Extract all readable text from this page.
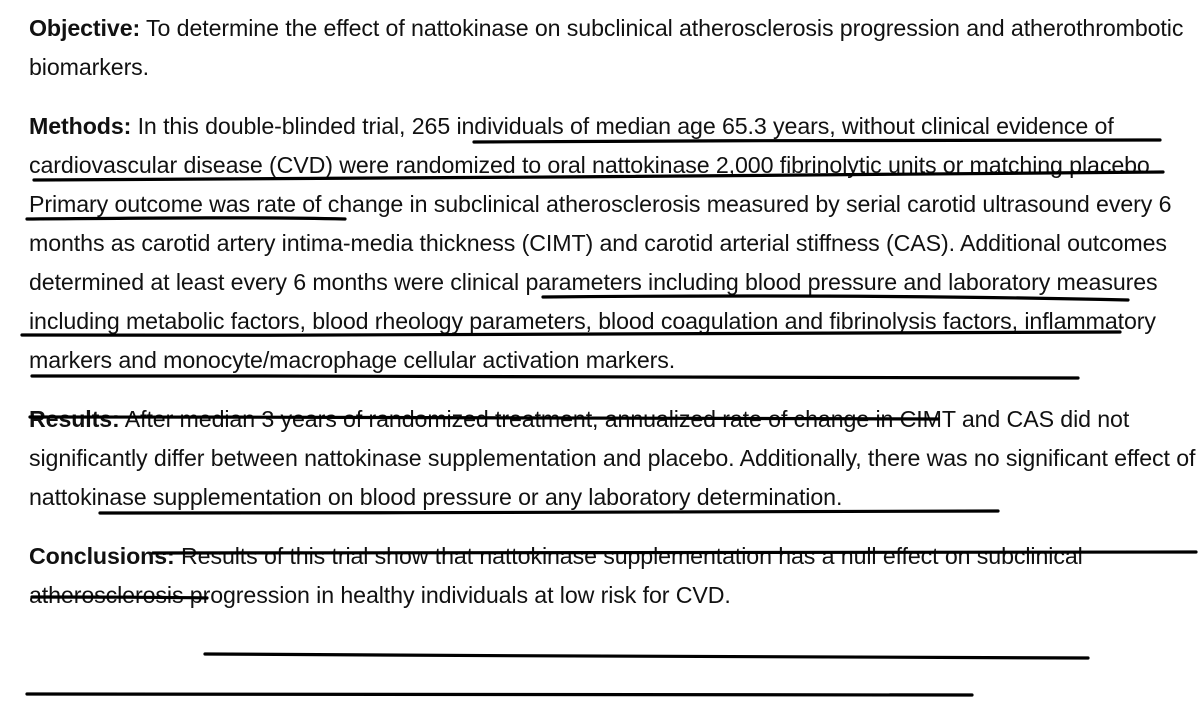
Objective: To determine the effect of nattokinase on subclinical atherosclerosis progression and atherothrombotic biomarkers.

Methods: In this double-blinded trial, 265 individuals of median age 65.3 years, without clinical evidence of cardiovascular disease (CVD) were randomized to oral nattokinase 2,000 fibrinolytic units or matching placebo. Primary outcome was rate of change in subclinical atherosclerosis measured by serial carotid ultrasound every 6 months as carotid artery intima-media thickness (CIMT) and carotid arterial stiffness (CAS). Additional outcomes determined at least every 6 months were clinical parameters including blood pressure and laboratory measures including metabolic factors, blood rheology parameters, blood coagulation and fibrinolysis factors, inflammatory markers and monocyte/macrophage cellular activation markers.

Results: After median 3 years of randomized treatment, annualized rate of change in CIMT and CAS did not significantly differ between nattokinase supplementation and placebo. Additionally, there was no significant effect of nattokinase supplementation on blood pressure or any laboratory determination.

Conclusions: Results of this trial show that nattokinase supplementation has a null effect on subclinical atherosclerosis progression in healthy individuals at low risk for CVD.
